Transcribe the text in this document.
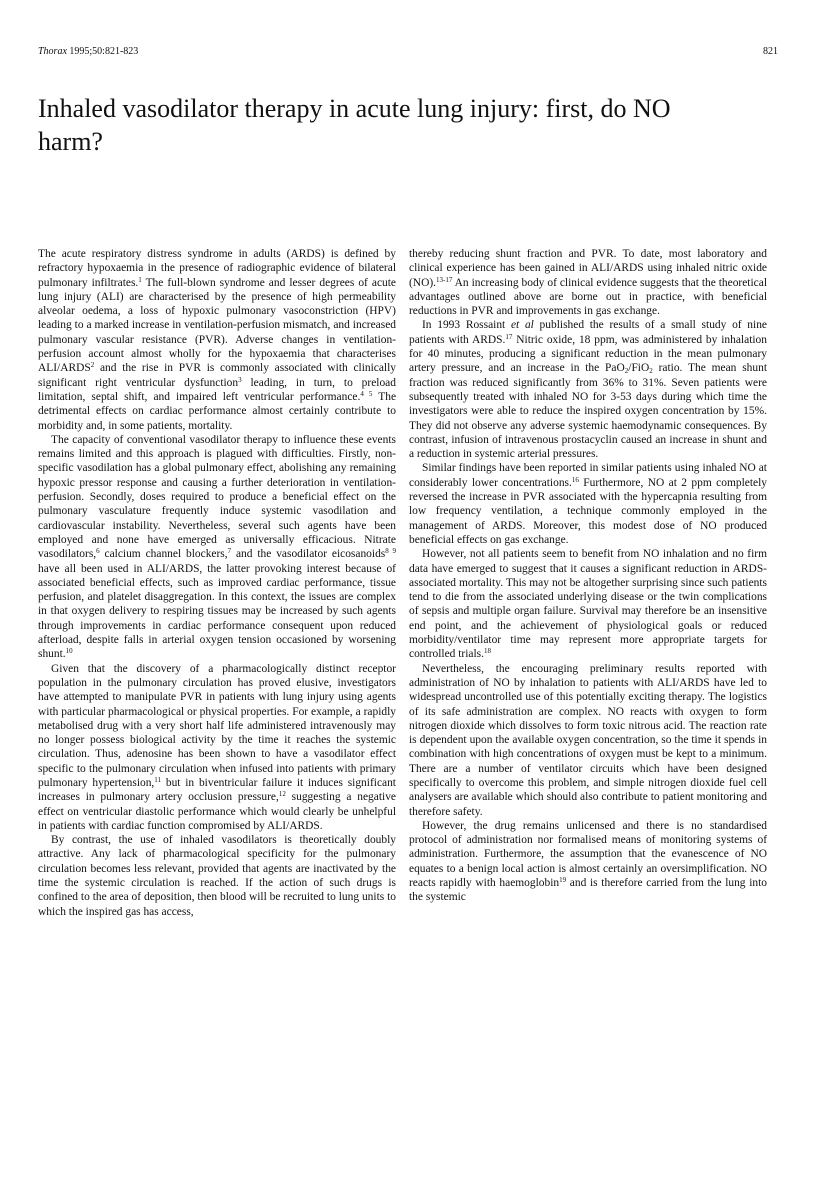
Thorax 1995;50:821-823	821
Inhaled vasodilator therapy in acute lung injury: first, do NO harm?

The acute respiratory distress syndrome in adults (ARDS) is defined by refractory hypoxaemia in the presence of radiographic evidence of bilateral pulmonary infiltrates.$^1$ The full-blown syndrome and lesser degrees of acute lung injury (ALI) are characterised by the presence of high permeability alveolar oedema, a loss of hypoxic pulmonary vasoconstriction (HPV) leading to a marked increase in ventilation-perfusion mismatch, and increased pulmonary vascular resistance (PVR). Adverse changes in ventilation-perfusion account almost wholly for the hypoxaemia that characterises ALI/ARDS$^2$ and the rise in PVR is commonly associated with clinically significant right ventricular dysfunction$^3$ leading, in turn, to preload limitation, septal shift, and impaired left ventricular performance.$^{4 5}$ The detrimental effects on cardiac performance almost certainly contribute to morbidity and, in some patients, mortality.

The capacity of conventional vasodilator therapy to influence these events remains limited and this approach is plagued with difficulties. Firstly, non-specific vasodilation has a global pulmonary effect, abolishing any remaining hypoxic pressor response and causing a further deterioration in ventilation-perfusion. Secondly, doses required to produce a beneficial effect on the pulmonary vasculature frequently induce systemic vasodilation and cardiovascular instability. Nevertheless, several such agents have been employed and none have emerged as universally efficacious. Nitrate vasodilators,$^6$ calcium channel blockers,$^7$ and the vasodilator eicosanoids$^{8 9}$ have all been used in ALI/ARDS, the latter provoking interest because of associated beneficial effects, such as improved cardiac performance, tissue perfusion, and platelet disaggregation. In this context, the issues are complex in that oxygen delivery to respiring tissues may be increased by such agents through improvements in cardiac performance consequent upon reduced afterload, despite falls in arterial oxygen tension occasioned by worsening shunt.$^{10}$

Given that the discovery of a pharmacologically distinct receptor population in the pulmonary circulation has proved elusive, investigators have attempted to manipulate PVR in patients with lung injury using agents with particular pharmacological or physical properties. For example, a rapidly metabolised drug with a very short half life administered intravenously may no longer possess biological activity by the time it reaches the systemic circulation. Thus, adenosine has been shown to have a vasodilator effect specific to the pulmonary circulation when infused into patients with primary pulmonary hypertension,$^{11}$ but in biventricular failure it induces significant increases in pulmonary artery occlusion pressure,$^{12}$ suggesting a negative effect on ventricular diastolic performance which would clearly be unhelpful in patients with cardiac function compromised by ALI/ARDS.

By contrast, the use of inhaled vasodilators is theoretically doubly attractive. Any lack of pharmacological specificity for the pulmonary circulation becomes less relevant, provided that agents are inactivated by the time the systemic circulation is reached. If the action of such drugs is confined to the area of deposition, then blood will be recruited to lung units to which the inspired gas has access,

thereby reducing shunt fraction and PVR. To date, most laboratory and clinical experience has been gained in ALI/ARDS using inhaled nitric oxide (NO).$^{13-17}$ An increasing body of clinical evidence suggests that the theoretical advantages outlined above are borne out in practice, with beneficial reductions in PVR and improvements in gas exchange.

In 1993 Rossaint et al published the results of a small study of nine patients with ARDS.$^{17}$ Nitric oxide, 18 ppm, was administered by inhalation for 40 minutes, producing a significant reduction in the mean pulmonary artery pressure, and an increase in the PaO$_2$/FiO$_2$ ratio. The mean shunt fraction was reduced significantly from 36% to 31%. Seven patients were subsequently treated with inhaled NO for 3-53 days during which time the investigators were able to reduce the inspired oxygen concentration by 15%. They did not observe any adverse systemic haemodynamic consequences. By contrast, infusion of intravenous prostacyclin caused an increase in shunt and a reduction in systemic arterial pressures.

Similar findings have been reported in similar patients using inhaled NO at considerably lower concentrations.$^{16}$ Furthermore, NO at 2 ppm completely reversed the increase in PVR associated with the hypercapnia resulting from low frequency ventilation, a technique commonly employed in the management of ARDS. Moreover, this modest dose of NO produced beneficial effects on gas exchange.

However, not all patients seem to benefit from NO inhalation and no firm data have emerged to suggest that it causes a significant reduction in ARDS-associated mortality. This may not be altogether surprising since such patients tend to die from the associated underlying disease or the twin complications of sepsis and multiple organ failure. Survival may therefore be an insensitive end point, and the achievement of physiological goals or reduced morbidity/ventilator time may represent more appropriate targets for controlled trials.$^{18}$

Nevertheless, the encouraging preliminary results reported with administration of NO by inhalation to patients with ALI/ARDS have led to widespread uncontrolled use of this potentially exciting therapy. The logistics of its safe administration are complex. NO reacts with oxygen to form nitrogen dioxide which dissolves to form toxic nitrous acid. The reaction rate is dependent upon the available oxygen concentration, so the time it spends in combination with high concentrations of oxygen must be kept to a minimum. There are a number of ventilator circuits which have been designed specifically to overcome this problem, and simple nitrogen dioxide fuel cell analysers are available which should also contribute to patient monitoring and therefore safety.

However, the drug remains unlicensed and there is no standardised protocol of administration nor formalised means of monitoring systems of administration. Furthermore, the assumption that the evanescence of NO equates to a benign local action is almost certainly an oversimplification. NO reacts rapidly with haemoglobin$^{19}$ and is therefore carried from the lung into the systemic
